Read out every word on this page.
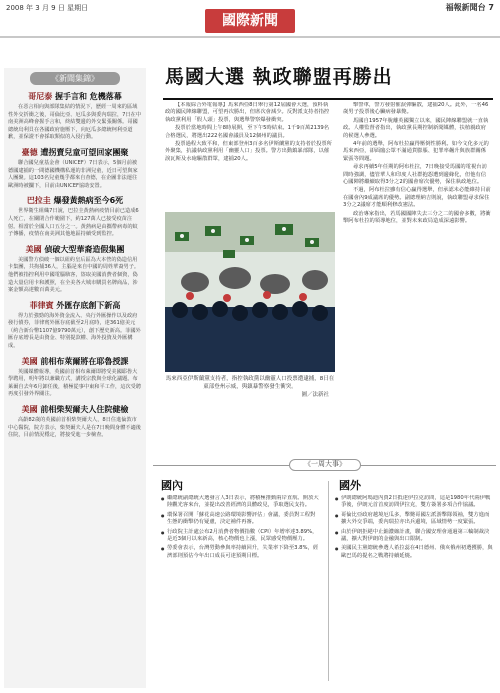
2008 年 3 月 9 日 星期日
國際新聞
福報新聞台 7
《新聞集錦》
哥尼泰 握手言和 危機落幕

在惡言相向與部隊集結的情況下，歷經一周來的區域性外交折衝之後，哥倫比亞、厄瓜多與委內瑞拉，7日在中南美洲高峰會握手言和，終結雙邊的外交緊張關係。哥國總統烏利貝在各國政府施壓下，向厄瓜多總統柯利亞道歉，並保證不會採取類似的入侵行動。

臺德 遭拐賣兒童可望回家團聚

聯合國兒童基金會（UNICEF）7日表示，5個月前被德國逮捕的一間德國機構私運的非洲兒童，近日可望與家人團聚。這103名兒童幾乎都來自查德，在企圖非法運往歐洲時被攔下，目前由UNICEF協助安置。

巴拉圭 爆發黃熱病至今6死

世界衛生組織7日說，巴拉圭黃熱病疫情目前已造成6人死亡，在關閉合作範圍下，約127萬人已接受疫苗注射。相當於全國人口五分之一。黃熱病是由攜帶病毒的蚊子傳播，疫情在南美洲其他地區持續受到監控。

美國 偵破大型華裔造假集團

美國警方偵破一個以紐約皇后區為大本營的偽造信用卡集團，共拘捕36人，主腦是來自中國的周姓華裔男子。他們被指控利用中國電腦駭客，盜取美國消費者個資，偽造大量信用卡和護照，在全美各大城市購買名牌商品，涉案金額高達數百萬美元。

菲律賓 外匯存底創下新高

得力於強勁的海外資金流入、央行外匯操作以及政府發行債券，菲律賓外匯存底截至2月底時，達361億美元（約合新台幣1107億9790萬元），創下歷史新高。菲國外匯存底增長是由資金、特別提款權、海外投資及外匯構成。

美國 前相布萊爾將在耶魯授課

英國媒體報導，英國前首相布萊爾即將受美國耶魯大學聘用，明年將以兼職方式，講授宗教與全球化議題。布萊爾自去年6月卸任後，積極從事中東和平工作，這次受聘再度引發外界關注。

美國 前相柴契爾夫人住院健檢

高齡82歲的英國前首相柴契爾夫人，8日住進倫敦市中心醫院，院方表示，柴契爾夫人是在7日晚間身體不適後住院，目前情況穩定，將接受進一步檢查。

馬國大選 執政聯盟再勝出

【本報綜合外電報導】馬來西亞8日舉行第12屆國會大選，預料執政的國民陣線聯盟，可望再次勝出，但席次會減少。反對派支持者指控執政黨利用「假人頭」投票，與選舉警察爆發衝突。

投票於當地時間上午8時展開，至下午5時結束。1千9百萬2139名合格選民，將選出222名國會議員及12個州的議員。

投票過程大致平和，但東部登州3百多名伊斯蘭黨的支持者於投票所外聚集，抗議執政黨利用「幽靈人口」投票。警方出動鎮暴部隊，以催淚瓦斯及水砲驅散群眾，逮捕20人。

馬來西亞伊斯蘭黨支持者，指控執政黨以幽靈人口投票遭逮捕，8日在東部登州示威，與鎮暴警察發生衝突。
圖／法新社

擊警車，警方發射催淚彈驅散，逮捕20人。此外，一名46歲男子投票後心臟病發暴斃。

馬國自1957年脫離英國獨立以來，國民陣線聯盟就一直執政。人權監督者指出，執政黨長期控制新聞媒體，扶植親政府的候選人參選。

4年前的選舉，阿布杜拉贏得壓倒性勝利。如今文化多元的馬來西亞，卻面臨公眾不滿通貨膨脹、犯罪率飆升與族群關係緊張等問題。

尋求再續5年任期的阿布杜拉，7日晚接受馬國的電視台訪問時強調，儘管華人和印度人社群抱怨遭到邊緣化，但他有信心國陣將繼續取得3分之2的國會席次優勢，保住執政地位。

不過，阿布杜拉雖有信心贏得選舉，但承認未必能維持目前在國會內9成議席的優勢。副總理納吉則說，執政聯盟尋求保住3分之2議席才能順利修改憲法。

政治專家指出，若馬國國陣失去三分之二的國會多數，將衝擊阿布杜拉的領導地位，並對未來政局造成深遠影響。

《一周大事》
國內	國外
● 繼總統副總統大選發言人3日表示，將積極推動兩岸直航、開放大陸觀光客來台，並提出改善經濟的具體政見，爭取選民支持。
● 環保署召開「蘇花高速公路環境影響評估」會議，委員對工程對生態的衝擊仍有疑慮，決定補件再審。
● 行政院主計處公布2月消費者物價指數（CPI）年增率達3.89%，是近3個月以來新高，核心物價也上漲，民眾感受物價壓力。
● 勞委會表示，台灣勞動參與率持續回升，失業率下降至3.8%，經濟部則預估今年出口成長可達預期目標。
● 伊朗總統阿瑪迪內賈2日抵達伊拉克訪問，這是1980年代兩伊戰爭後，伊朗元首首度訪問伊拉克，雙方簽署多項合作協議。
● 哥倫比亞政府越境厄瓜多，擊斃哥國左派游擊隊領袖，雙方進而擴大外交爭端，委內瑞拉亦出兵邊境，區域情勢一度緊張。
● 由於伊朗拒絕中止鈾濃縮計畫，聯合國安理會通過第三輪制裁決議，擴大對伊朗的金融與出口限制。
● 美國民主黨總統參選人希拉蕊在4日德州、俄亥俄州初選獲勝，與歐巴馬的提名之戰將持續延燒。
